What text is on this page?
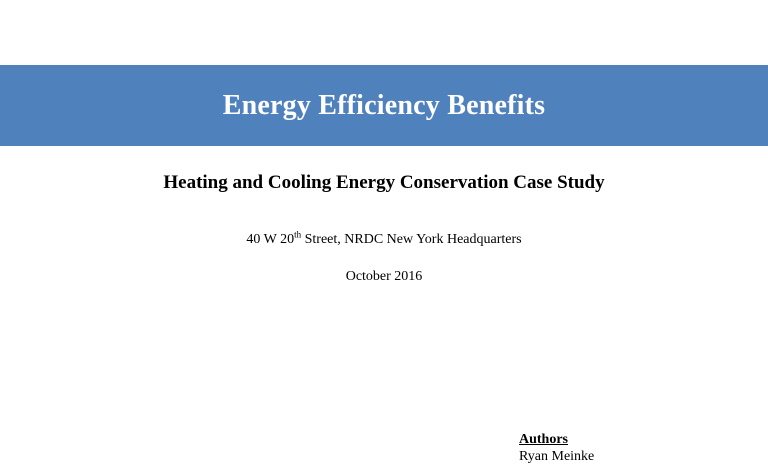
Energy Efficiency Benefits
Heating and Cooling Energy Conservation Case Study
40 W 20th Street, NRDC New York Headquarters
October 2016
Authors
Ryan Meinke
